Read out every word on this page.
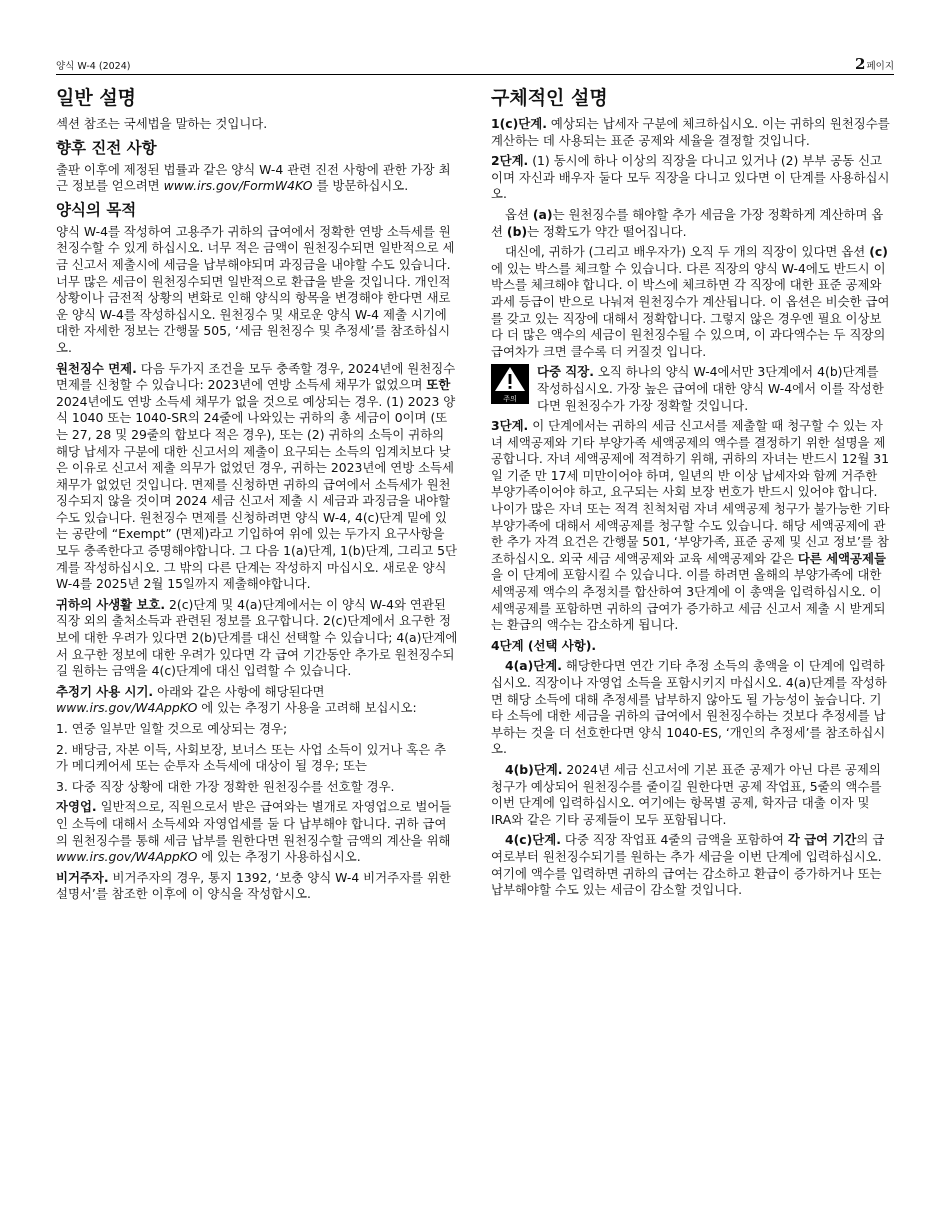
양식 W-4 (2024)	2페이지
일반 설명

섹션 참조는 국세법을 말하는 것입니다.

향후 진전 사항

출판 이후에 제정된 법률과 같은 양식 W-4 관련 진전 사항에 관한 가장 최근 정보를 얻으려면 www.irs.gov/FormW4KO 를 방문하십시오.

양식의 목적

양식 W-4를 작성하여 고용주가 귀하의 급여에서 정확한 연방 소득세를 원천징수할 수 있게 하십시오. 너무 적은 금액이 원천징수되면 일반적으로 세금 신고서 제출시에 세금을 납부해야되며 과징금을 내야할 수도 있습니다. 너무 많은 세금이 원천징수되면 일반적으로 환급을 받을 것입니다. 개인적 상황이나 금전적 상황의 변화로 인해 양식의 항목을 변경해야 한다면 새로운 양식 W-4를 작성하십시오. 원천징수 및 새로운 양식 W-4 제출 시기에 대한 자세한 정보는 간행물 505, ‘세금 원천징수 및 추정세’를 참조하십시오.

원천징수 면제. 다음 두가지 조건을 모두 충족할 경우, 2024년에 원천징수 면제를 신청할 수 있습니다: 2023년에 연방 소득세 채무가 없었으며 또한 2024년에도 연방 소득세 채무가 없을 것으로 예상되는 경우. (1) 2023 양식 1040 또는 1040-SR의 24줄에 나와있는 귀하의 총 세금이 0이며 (또는 27, 28 및 29줄의 합보다 적은 경우), 또는 (2) 귀하의 소득이 귀하의 해당 납세자 구분에 대한 신고서의 제출이 요구되는 소득의 임계치보다 낮은 이유로 신고서 제출 의무가 없었던 경우, 귀하는 2023년에 연방 소득세 채무가 없었던 것입니다. 면제를 신청하면 귀하의 급여에서 소득세가 원천징수되지 않을 것이며 2024 세금 신고서 제출 시 세금과 과징금을 내야할 수도 있습니다. 원천징수 면제를 신청하려면 양식 W-4, 4(c)단계 밑에 있는 공란에 “Exempt” (면제)라고 기입하여 위에 있는 두가지 요구사항을 모두 충족한다고 증명해야합니다. 그 다음 1(a)단계, 1(b)단계, 그리고 5단계를 작성하십시오. 그 밖의 다른 단계는 작성하지 마십시오. 새로운 양식 W-4를 2025년 2월 15일까지 제출해야합니다.

귀하의 사생활 보호. 2(c)단계 및 4(a)단계에서는 이 양식 W-4와 연관된 직장 외의 출처소득과 관련된 정보를 요구합니다. 2(c)단계에서 요구한 정보에 대한 우려가 있다면 2(b)단계를 대신 선택할 수 있습니다; 4(a)단계에서 요구한 정보에 대한 우려가 있다면 각 급여 기간동안 추가로 원천징수되길 원하는 금액을 4(c)단계에 대신 입력할 수 있습니다.

추정기 사용 시기. 아래와 같은 사항에 해당된다면 www.irs.gov/W4AppKO 에 있는 추정기 사용을 고려해 보십시오:

1. 연중 일부만 일할 것으로 예상되는 경우;

2. 배당금, 자본 이득, 사회보장, 보너스 또는 사업 소득이 있거나 혹은 추가 메디케어세 또는 순투자 소득세에 대상이 될 경우; 또는

3. 다중 직장 상황에 대한 가장 정확한 원천징수를 선호할 경우.

자영업. 일반적으로, 직원으로서 받은 급여와는 별개로 자영업으로 벌어들인 소득에 대해서 소득세와 자영업세를 둘 다 납부해야 합니다. 귀하 급여의 원천징수를 통해 세금 납부를 원한다면 원천징수할 금액의 계산을 위해 www.irs.gov/W4AppKO 에 있는 추정기 사용하십시오.

비거주자. 비거주자의 경우, 통지 1392, ‘보충 양식 W-4 비거주자를 위한 설명서’를 참조한 이후에 이 양식을 작성합시오.

구체적인 설명

1(c)단계. 예상되는 납세자 구분에 체크하십시오. 이는 귀하의 원천징수를 계산하는 데 사용되는 표준 공제와 세율을 결정할 것입니다.

2단계. (1) 동시에 하나 이상의 직장을 다니고 있거나 (2) 부부 공동 신고이며 자신과 배우자 둘다 모두 직장을 다니고 있다면 이 단계를 사용하십시오.

옵션 (a)는 원천징수를 해야할 추가 세금을 가장 정확하게 계산하며 옵션 (b)는 정확도가 약간 떨어집니다.

대신에, 귀하가 (그리고 배우자가) 오직 두 개의 직장이 있다면 옵션 (c)에 있는 박스를 체크할 수 있습니다. 다른 직장의 양식 W-4에도 반드시 이 박스를 체크해야 합니다. 이 박스에 체크하면 각 직장에 대한 표준 공제와 과세 등급이 반으로 나눠져 원천징수가 계산됩니다. 이 옵션은 비슷한 급여를 갖고 있는 직장에 대해서 정확합니다. 그렇지 않은 경우엔 필요 이상보다 더 많은 액수의 세금이 원천징수될 수 있으며, 이 과다액수는 두 직장의 급여차가 크면 클수록 더 커질것 입니다.

주의
다중 직장. 오직 하나의 양식 W-4에서만 3단계에서 4(b)단계를 작성하십시오. 가장 높은 급여에 대한 양식 W-4에서 이를 작성한다면 원천징수가 가장 정확할 것입니다.

3단계. 이 단계에서는 귀하의 세금 신고서를 제출할 때 청구할 수 있는 자녀 세액공제와 기타 부양가족 세액공제의 액수를 결정하기 위한 설명을 제공합니다. 자녀 세액공제에 적격하기 위해, 귀하의 자녀는 반드시 12월 31일 기준 만 17세 미만이어야 하며, 일년의 반 이상 납세자와 함께 거주한 부양가족이어야 하고, 요구되는 사회 보장 번호가 반드시 있어야 합니다. 나이가 많은 자녀 또는 적격 친척처럼 자녀 세액공제 청구가 불가능한 기타 부양가족에 대해서 세액공제를 청구할 수도 있습니다. 해당 세액공제에 관한 추가 자격 요건은 간행물 501, ‘부양가족, 표준 공제 및 신고 정보’를 참조하십시오. 외국 세금 세액공제와 교육 세액공제와 같은 다른 세액공제들을 이 단계에 포함시킬 수 있습니다. 이를 하려면 올해의 부양가족에 대한 세액공제 액수의 추정치를 합산하여 3단계에 이 총액을 입력하십시오. 이 세액공제를 포함하면 귀하의 급여가 증가하고 세금 신고서 제출 시 받게되는 환급의 액수는 감소하게 됩니다.

4단계 (선택 사항).

4(a)단계. 해당한다면 연간 기타 추정 소득의 총액을 이 단계에 입력하십시오. 직장이나 자영업 소득을 포함시키지 마십시오. 4(a)단계를 작성하면 해당 소득에 대해 추정세를 납부하지 않아도 될 가능성이 높습니다. 기타 소득에 대한 세금을 귀하의 급여에서 원천징수하는 것보다 추정세를 납부하는 것을 더 선호한다면 양식 1040-ES, ‘개인의 추정세’를 참조하십시오.

4(b)단계. 2024년 세금 신고서에 기본 표준 공제가 아닌 다른 공제의 청구가 예상되어 원천징수를 줄이길 원한다면 공제 작업표, 5줄의 액수를 이번 단계에 입력하십시오. 여기에는 항목별 공제, 학자금 대출 이자 및 IRA와 같은 기타 공제들이 모두 포함됩니다.

4(c)단계. 다중 직장 작업표 4줄의 금액을 포함하여 각 급여 기간의 급여로부터 원천징수되기를 원하는 추가 세금을 이번 단계에 입력하십시오. 여기에 액수를 입력하면 귀하의 급여는 감소하고 환급이 증가하거나 또는 납부해야할 수도 있는 세금이 감소할 것입니다.
